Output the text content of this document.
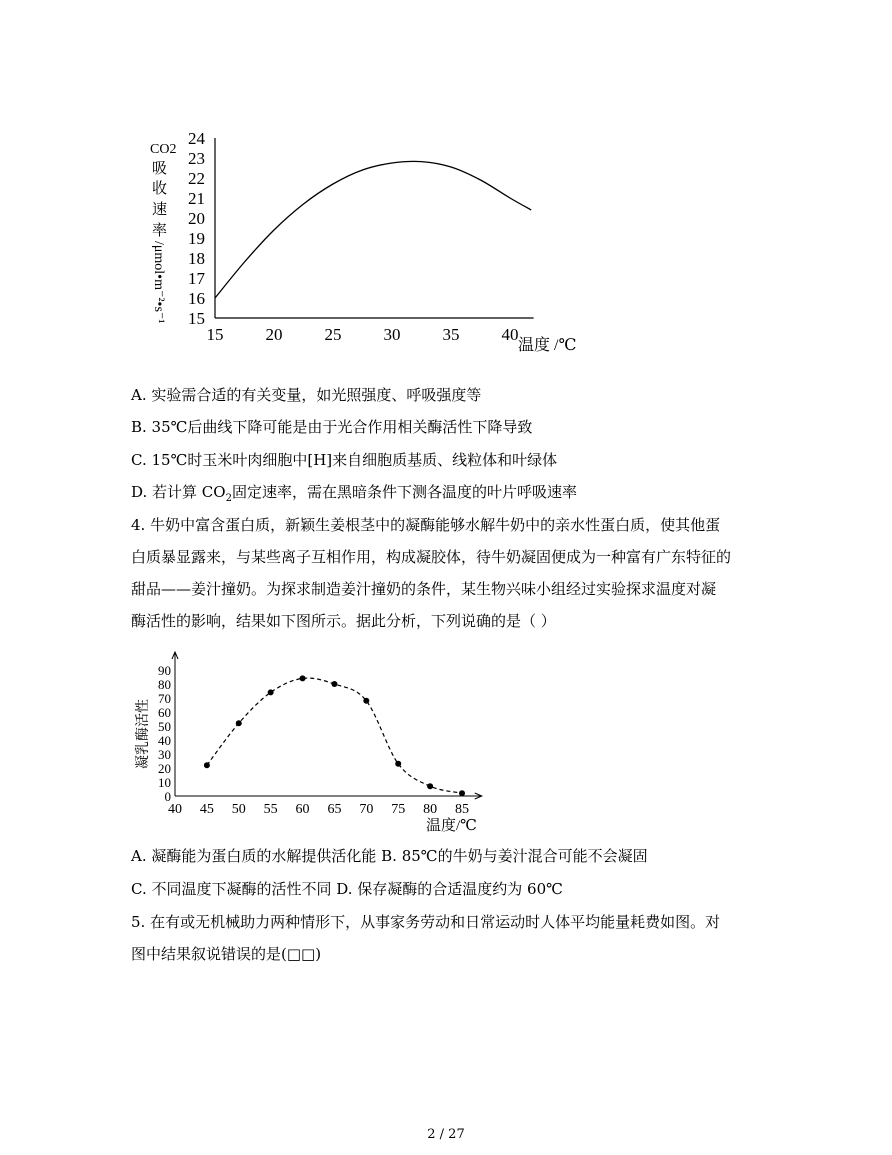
15
16
17
18
19
20
21
22
23
24
15 20 25 30 35 40
CO2
吸
收
速
率
/μmol•m⁻²•s⁻¹
温度 /℃
A. 实验需合适的有关变量，如光照强度、呼吸强度等
B. 35℃后曲线下降可能是由于光合作用相关酶活性下降导致
C. 15℃时玉米叶肉细胞中[H]来自细胞质基质、线粒体和叶绿体
D. 若计算 $CO_2$固定速率，需在黑暗条件下测各温度的叶片呼吸速率
4. 牛奶中富含蛋白质，新颖生姜根茎中的凝酶能够水解牛奶中的亲水性蛋白质，使其他蛋
白质暴显露来，与某些离子互相作用，构成凝胶体，待牛奶凝固便成为一种富有广东特征的
甜品——姜汁撞奶。为探求制造姜汁撞奶的条件，某生物兴味小组经过实验探求温度对凝
酶活性的影响，结果如下图所示。据此分析，下列说确的是（ ）
0
10
20
30
40
50
60
70
80
90
40 45 50 55 60 65 70 75 80 85
凝乳酶活性
温度/℃
A. 凝酶能为蛋白质的水解提供活化能 B. 85℃的牛奶与姜汁混合可能不会凝固
C. 不同温度下凝酶的活性不同 D. 保存凝酶的合适温度约为 60℃
5. 在有或无机械助力两种情形下，从事家务劳动和日常运动时人体平均能量耗费如图。对
图中结果叙说错误的是(□□)
2 / 27
